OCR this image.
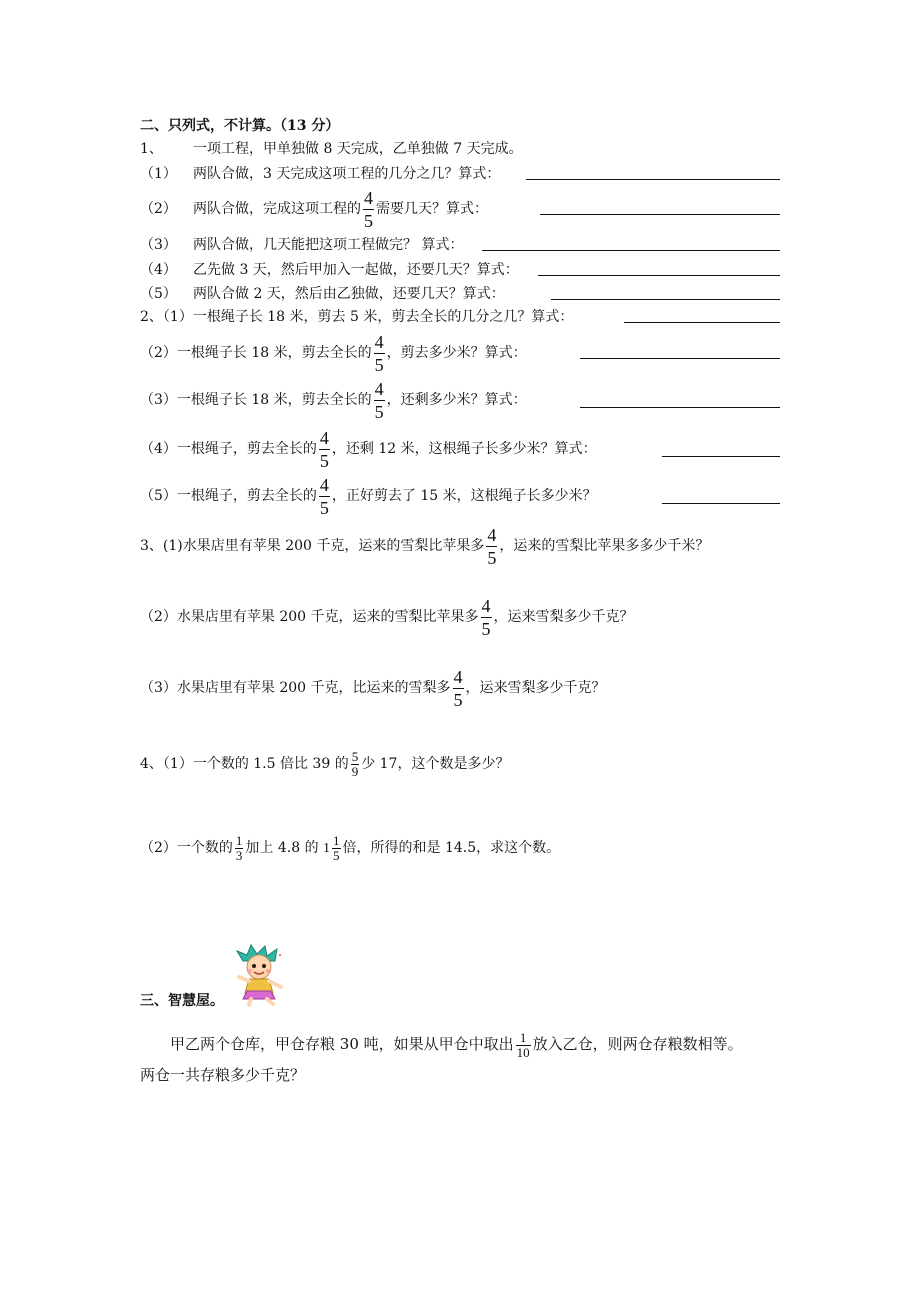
二、只列式，不计算。（13 分）
1、 一项工程，甲单独做 8 天完成，乙单独做 7 天完成。
（1） 两队合做，3 天完成这项工程的几分之几？算式：
（2） 两队合做，完成这项工程的 $\frac{4}{5}$ 需要几天？算式：
（3） 两队合做，几天能把这项工程做完？ 算式：
（4） 乙先做 3 天，然后甲加入一起做，还要几天？算式：
（5） 两队合做 2 天，然后由乙独做，还要几天？算式：
2、（1）一根绳子长 18 米，剪去 5 米，剪去全长的几分之几？算式：
（2）一根绳子长 18 米，剪去全长的 $\frac{4}{5}$ ，剪去多少米？算式：
（3）一根绳子长 18 米，剪去全长的 $\frac{4}{5}$ ，还剩多少米？算式：
（4）一根绳子，剪去全长的 $\frac{4}{5}$ ，还剩 12 米，这根绳子长多少米？算式：
（5）一根绳子，剪去全长的 $\frac{4}{5}$ ，正好剪去了 15 米，这根绳子长多少米？
3、(1)水果店里有苹果 200 千克，运来的雪梨比苹果多 $\frac{4}{5}$ ，运来的雪梨比苹果多多少千米？
（2）水果店里有苹果 200 千克，运来的雪梨比苹果多 $\frac{4}{5}$ ，运来雪梨多少千克？
（3）水果店里有苹果 200 千克，比运来的雪梨多 $\frac{4}{5}$ ，运来雪梨多少千克？
4、（1）一个数的 1.5 倍比 39 的 $\frac{5}{9}$ 少 17，这个数是多少？
（2）一个数的 $\frac{1}{3}$ 加上 4.8 的 $1 \frac{1}{5}$ 倍，所得的和是 14.5，求这个数。
三、智慧屋。
甲乙两个仓库，甲仓存粮 30 吨，如果从甲仓中取出 $\frac{1}{10}$ 放入乙仓，则两仓存粮数相等。
两仓一共存粮多少千克？
